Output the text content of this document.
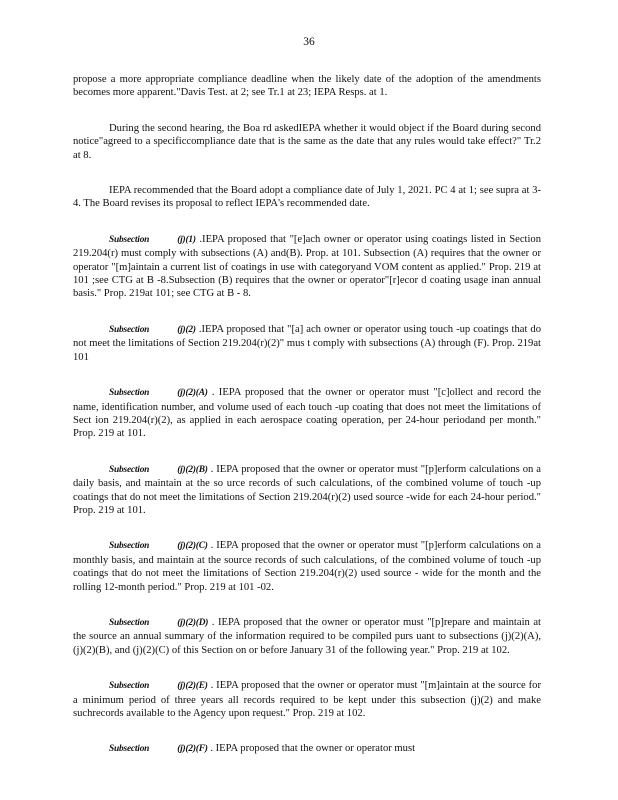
36

propose a more appropriate compliance deadline when the likely date of the adoption of the amendments becomes more apparent."Davis Test. at 2; see Tr.1 at 23; IEPA Resps. at 1.

During the second hearing, the Boa rd askedIEPA whether it would object if the Board during second notice"agreed to a specificcompliance date that is the same as the date that any rules would take effect?" Tr.2 at 8.

IEPA recommended that the Board adopt a compliance date of July 1, 2021. PC 4 at 1; see supra at 3- 4. The Board revises its proposal to reflect IEPA's recommended date.

Subsection	(j)(1) .IEPA proposed that "[e]ach owner or operator using coatings listed in Section 219.204(r) must comply with subsections (A) and(B). Prop. at 101. Subsection (A) requires that the owner or operator "[m]aintain a current list of coatings in use with categoryand VOM content as applied." Prop. 219 at 101 ;see CTG at B -8.Subsection (B) requires that the owner or operator"[r]ecor d coating usage inan annual basis." Prop. 219at 101; see CTG at B - 8.

Subsection	(j)(2) .IEPA proposed that "[a] ach owner or operator using touch -up coatings that do not meet the limitations of Section 219.204(r)(2)" mus t comply with subsections (A) through (F). Prop. 219at 101

Subsection	(j)(2)(A) . IEPA proposed that the owner or operator must "[c]ollect and record the name, identification number, and volume used of each touch -up coating that does not meet the limitations of Sect ion 219.204(r)(2), as applied in each aerospace coating operation, per 24-hour periodand per month." Prop. 219 at 101.

Subsection	(j)(2)(B) . IEPA proposed that the owner or operator must "[p]erform calculations on a daily basis, and maintain at the so urce records of such calculations, of the combined volume of touch -up coatings that do not meet the limitations of Section 219.204(r)(2) used source -wide for each 24-hour period." Prop. 219 at 101.

Subsection	(j)(2)(C) . IEPA proposed that the owner or operator must "[p]erform calculations on a monthly basis, and maintain at the source records of such calculations, of the combined volume of touch -up coatings that do not meet the limitations of Section 219.204(r)(2) used source - wide for the month and the rolling 12-month period." Prop. 219 at 101 -02.

Subsection	(j)(2)(D) . IEPA proposed that the owner or operator must "[p]repare and maintain at the source an annual summary of the information required to be compiled purs uant to subsections (j)(2)(A), (j)(2)(B), and (j)(2)(C) of this Section on or before January 31 of the following year." Prop. 219 at 102.

Subsection	(j)(2)(E) . IEPA proposed that the owner or operator must "[m]aintain at the source for a minimum period of three years all records required to be kept under this subsection (j)(2) and make suchrecords available to the Agency upon request." Prop. 219 at 102.

Subsection	(j)(2)(F) . IEPA proposed that the owner or operator must
